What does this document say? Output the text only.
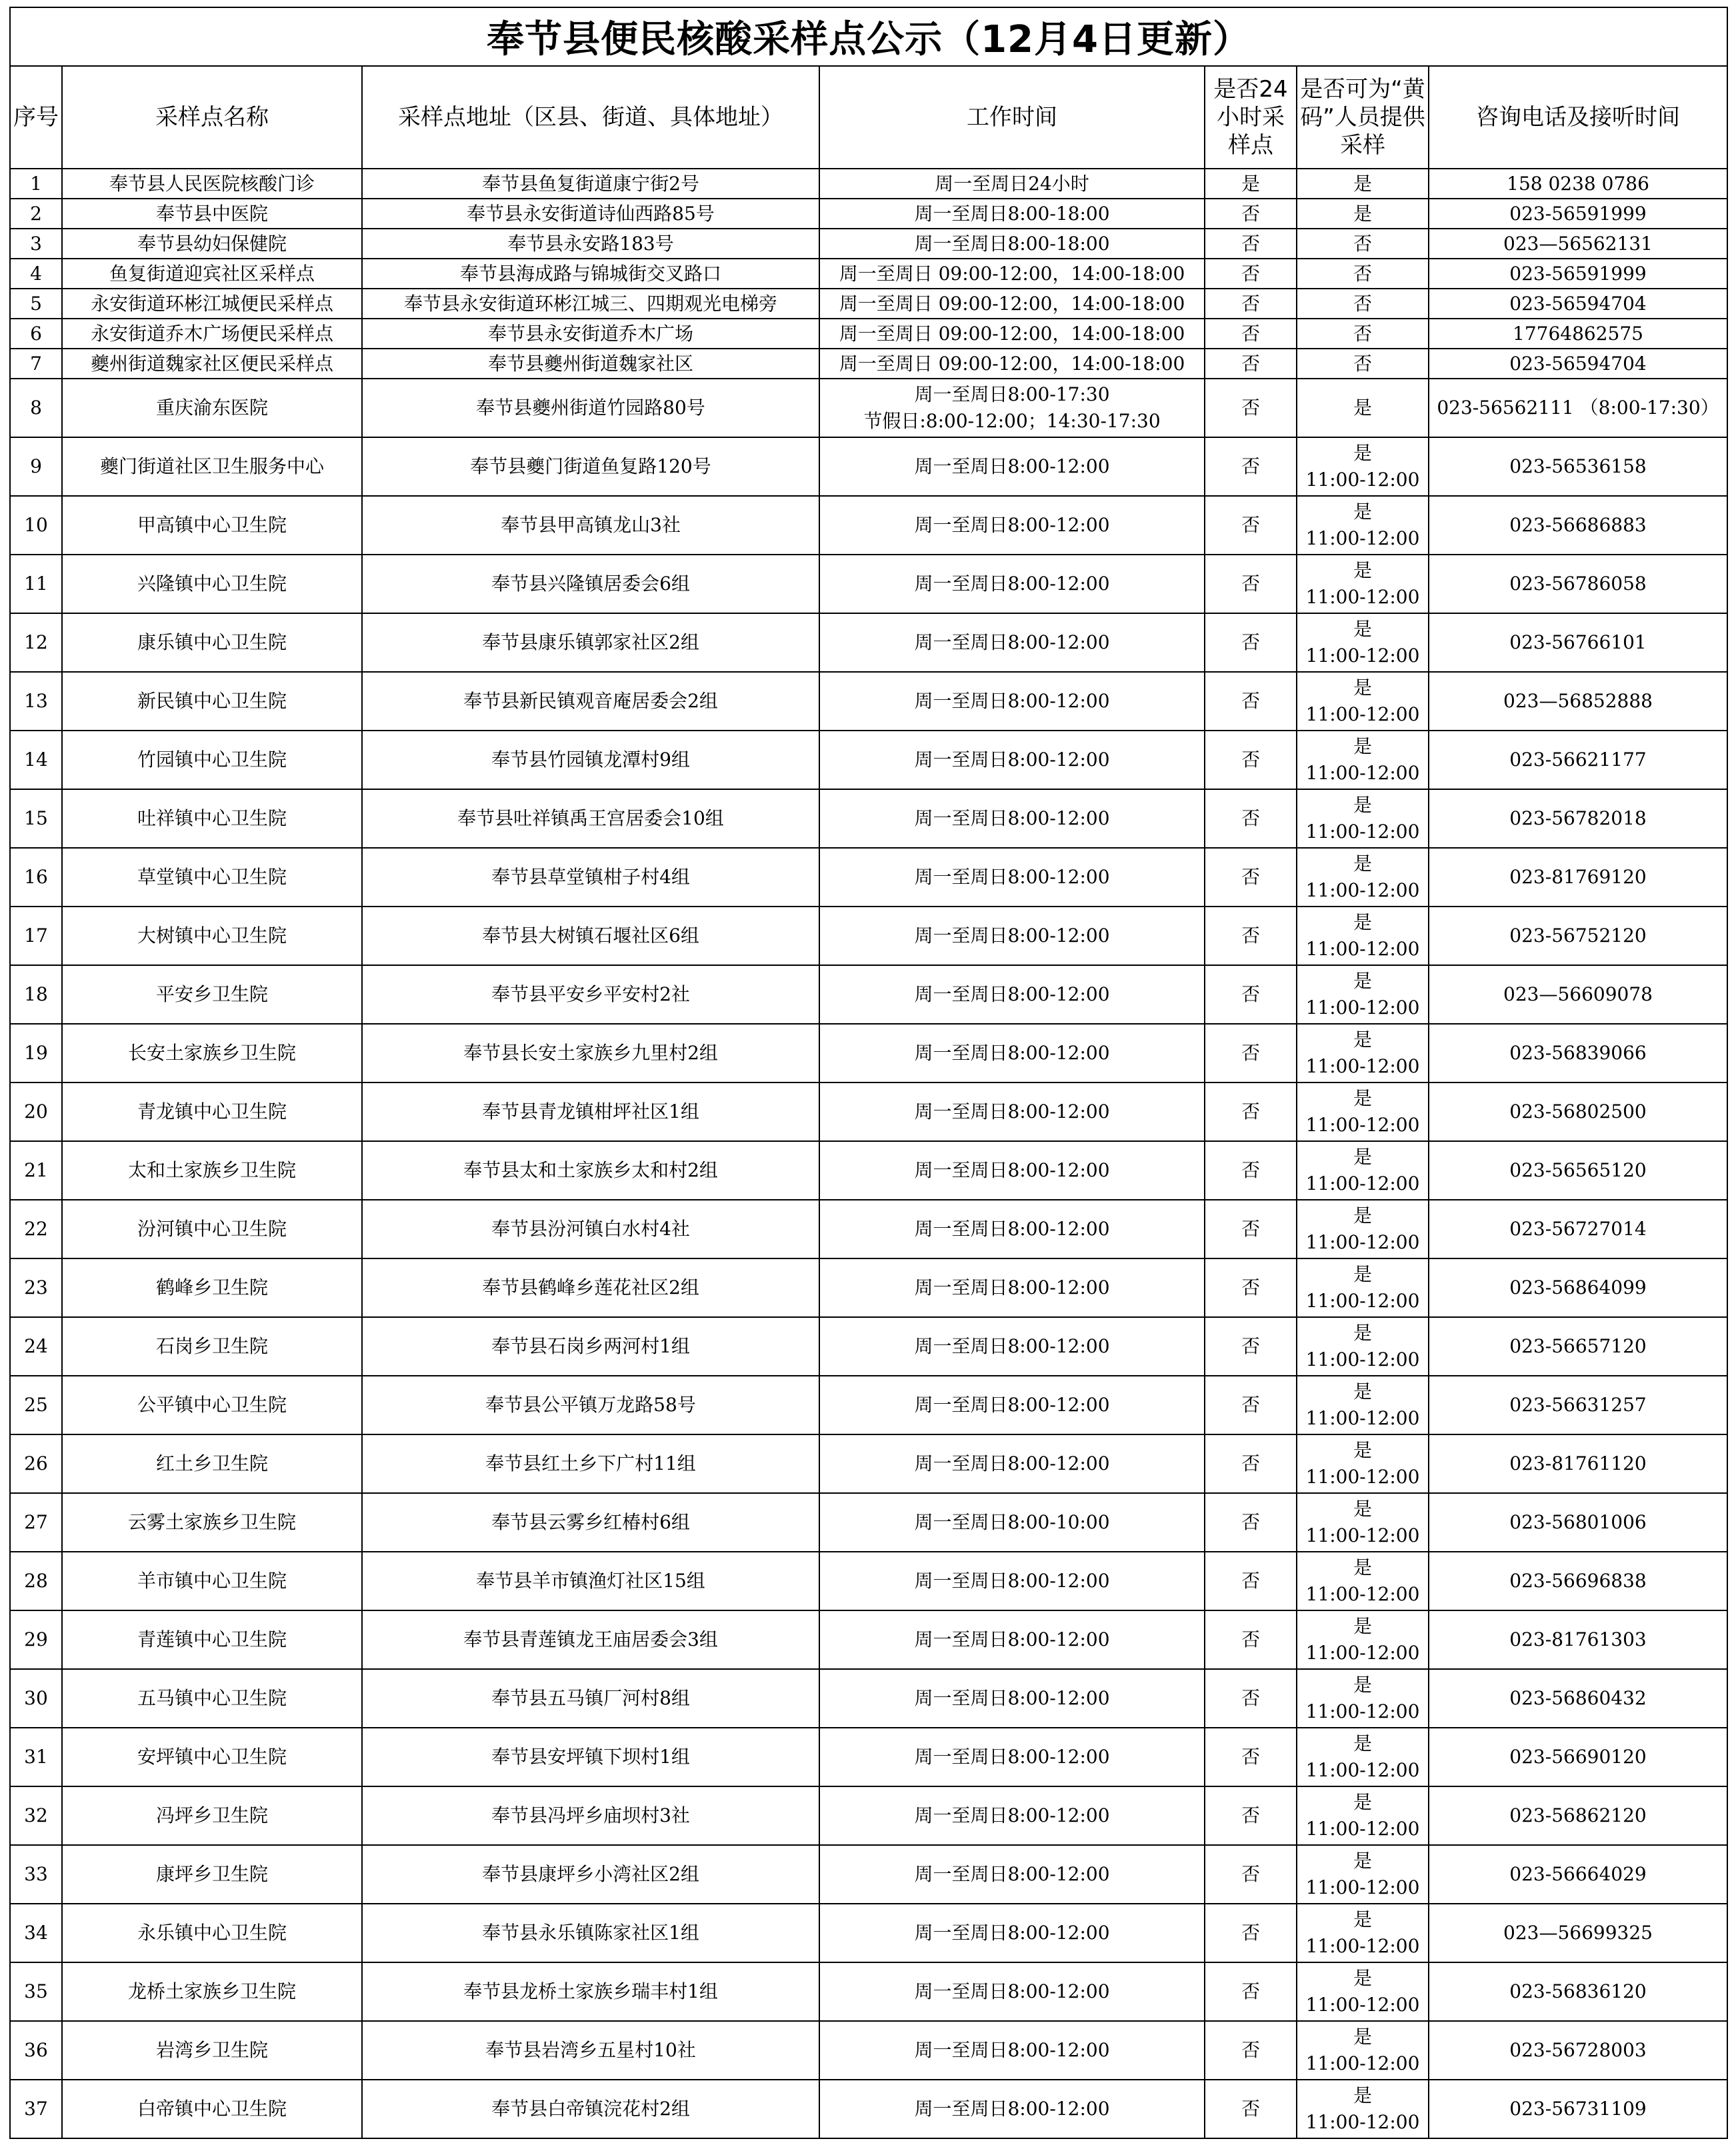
奉节县便民核酸采样点公示（12月4日更新）						
序号	采样点名称	采样点地址（区县、街道、具体地址）	工作时间	是否24小时采样点	是否可为“黄码”人员提供采样	咨询电话及接听时间
1	奉节县人民医院核酸门诊	奉节县鱼复街道康宁街2号	周一至周日24小时	是	是	158 0238 0786
2	奉节县中医院	奉节县永安街道诗仙西路85号	周一至周日8:00-18:00	否	是	023-56591999
3	奉节县幼妇保健院	奉节县永安路183号	周一至周日8:00-18:00	否	否	023—56562131
4	鱼复街道迎宾社区采样点	奉节县海成路与锦城街交叉路口	周一至周日 09:00-12:00，14:00-18:00	否	否	023-56591999
5	永安街道环彬江城便民采样点	奉节县永安街道环彬江城三、四期观光电梯旁	周一至周日 09:00-12:00，14:00-18:00	否	否	023-56594704
6	永安街道乔木广场便民采样点	奉节县永安街道乔木广场	周一至周日 09:00-12:00，14:00-18:00	否	否	17764862575
7	夔州街道魏家社区便民采样点	奉节县夔州街道魏家社区	周一至周日 09:00-12:00，14:00-18:00	否	否	023-56594704
8	重庆渝东医院	奉节县夔州街道竹园路80号	周一至周日8:00-17:30
节假日:8:00-12:00；14:30-17:30	否	是	023-56562111 （8:00-17:30）
9	夔门街道社区卫生服务中心	奉节县夔门街道鱼复路120号	周一至周日8:00-12:00	否	是
11:00-12:00	023-56536158
10	甲高镇中心卫生院	奉节县甲高镇龙山3社	周一至周日8:00-12:00	否	是
11:00-12:00	023-56686883
11	兴隆镇中心卫生院	奉节县兴隆镇居委会6组	周一至周日8:00-12:00	否	是
11:00-12:00	023-56786058
12	康乐镇中心卫生院	奉节县康乐镇郭家社区2组	周一至周日8:00-12:00	否	是
11:00-12:00	023-56766101
13	新民镇中心卫生院	奉节县新民镇观音庵居委会2组	周一至周日8:00-12:00	否	是
11:00-12:00	023—56852888
14	竹园镇中心卫生院	奉节县竹园镇龙潭村9组	周一至周日8:00-12:00	否	是
11:00-12:00	023-56621177
15	吐祥镇中心卫生院	奉节县吐祥镇禹王宫居委会10组	周一至周日8:00-12:00	否	是
11:00-12:00	023-56782018
16	草堂镇中心卫生院	奉节县草堂镇柑子村4组	周一至周日8:00-12:00	否	是
11:00-12:00	023-81769120
17	大树镇中心卫生院	奉节县大树镇石堰社区6组	周一至周日8:00-12:00	否	是
11:00-12:00	023-56752120
18	平安乡卫生院	奉节县平安乡平安村2社	周一至周日8:00-12:00	否	是
11:00-12:00	023—56609078
19	长安土家族乡卫生院	奉节县长安土家族乡九里村2组	周一至周日8:00-12:00	否	是
11:00-12:00	023-56839066
20	青龙镇中心卫生院	奉节县青龙镇柑坪社区1组	周一至周日8:00-12:00	否	是
11:00-12:00	023-56802500
21	太和土家族乡卫生院	奉节县太和土家族乡太和村2组	周一至周日8:00-12:00	否	是
11:00-12:00	023-56565120
22	汾河镇中心卫生院	奉节县汾河镇白水村4社	周一至周日8:00-12:00	否	是
11:00-12:00	023-56727014
23	鹤峰乡卫生院	奉节县鹤峰乡莲花社区2组	周一至周日8:00-12:00	否	是
11:00-12:00	023-56864099
24	石岗乡卫生院	奉节县石岗乡两河村1组	周一至周日8:00-12:00	否	是
11:00-12:00	023-56657120
25	公平镇中心卫生院	奉节县公平镇万龙路58号	周一至周日8:00-12:00	否	是
11:00-12:00	023-56631257
26	红土乡卫生院	奉节县红土乡下广村11组	周一至周日8:00-12:00	否	是
11:00-12:00	023-81761120
27	云雾土家族乡卫生院	奉节县云雾乡红椿村6组	周一至周日8:00-10:00	否	是
11:00-12:00	023-56801006
28	羊市镇中心卫生院	奉节县羊市镇渔灯社区15组	周一至周日8:00-12:00	否	是
11:00-12:00	023-56696838
29	青莲镇中心卫生院	奉节县青莲镇龙王庙居委会3组	周一至周日8:00-12:00	否	是
11:00-12:00	023-81761303
30	五马镇中心卫生院	奉节县五马镇厂河村8组	周一至周日8:00-12:00	否	是
11:00-12:00	023-56860432
31	安坪镇中心卫生院	奉节县安坪镇下坝村1组	周一至周日8:00-12:00	否	是
11:00-12:00	023-56690120
32	冯坪乡卫生院	奉节县冯坪乡庙坝村3社	周一至周日8:00-12:00	否	是
11:00-12:00	023-56862120
33	康坪乡卫生院	奉节县康坪乡小湾社区2组	周一至周日8:00-12:00	否	是
11:00-12:00	023-56664029
34	永乐镇中心卫生院	奉节县永乐镇陈家社区1组	周一至周日8:00-12:00	否	是
11:00-12:00	023—56699325
35	龙桥土家族乡卫生院	奉节县龙桥土家族乡瑞丰村1组	周一至周日8:00-12:00	否	是
11:00-12:00	023-56836120
36	岩湾乡卫生院	奉节县岩湾乡五星村10社	周一至周日8:00-12:00	否	是
11:00-12:00	023-56728003
37	白帝镇中心卫生院	奉节县白帝镇浣花村2组	周一至周日8:00-12:00	否	是
11:00-12:00	023-56731109
